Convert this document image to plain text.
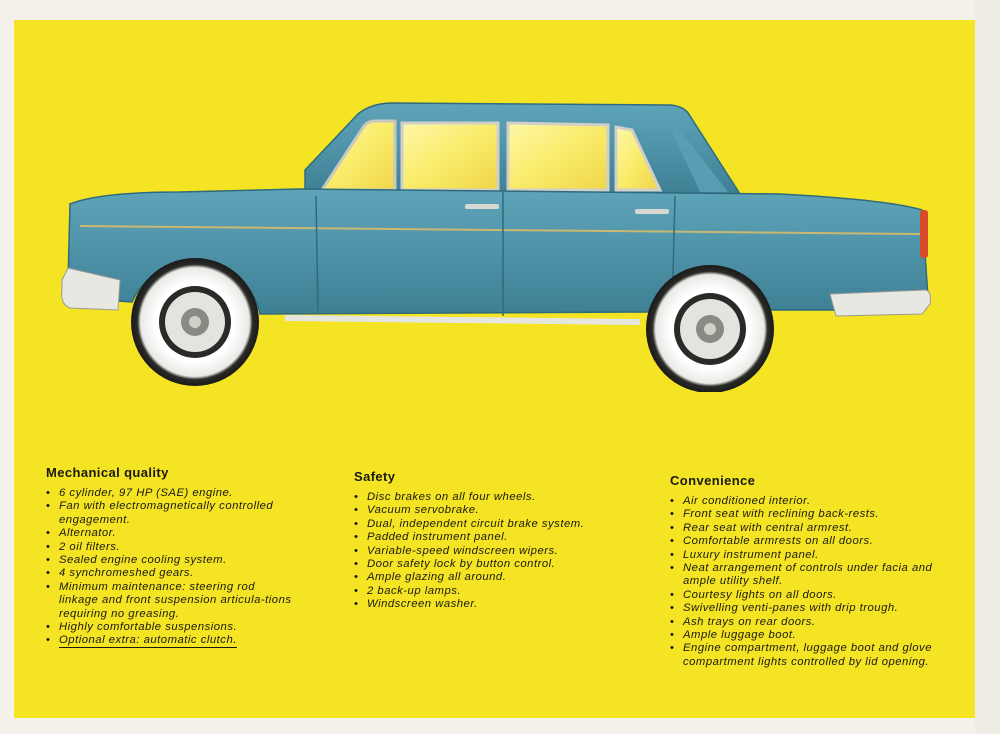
Mechanical quality
• 6 cylinder, 97 HP (SAE) engine.
• Fan with electromagnetically controlled engagement.
• Alternator.
• 2 oil filters.
• Sealed engine cooling system.
• 4 synchromeshed gears.
• Minimum maintenance: steering rod linkage and front suspension articula-tions requiring no greasing.
• Highly comfortable suspensions.
• Optional extra: automatic clutch.
Safety
• Disc brakes on all four wheels.
• Vacuum servobrake.
• Dual, independent circuit brake system.
• Padded instrument panel.
• Variable-speed windscreen wipers.
• Door safety lock by button control.
• Ample glazing all around.
• 2 back-up lamps.
• Windscreen washer.
Convenience
• Air conditioned interior.
• Front seat with reclining back-rests.
• Rear seat with central armrest.
• Comfortable armrests on all doors.
• Luxury instrument panel.
• Neat arrangement of controls under facia and ample utility shelf.
• Courtesy lights on all doors.
• Swivelling venti-panes with drip trough.
• Ash trays on rear doors.
• Ample luggage boot.
• Engine compartment, luggage boot and glove compartment lights controlled by lid opening.
